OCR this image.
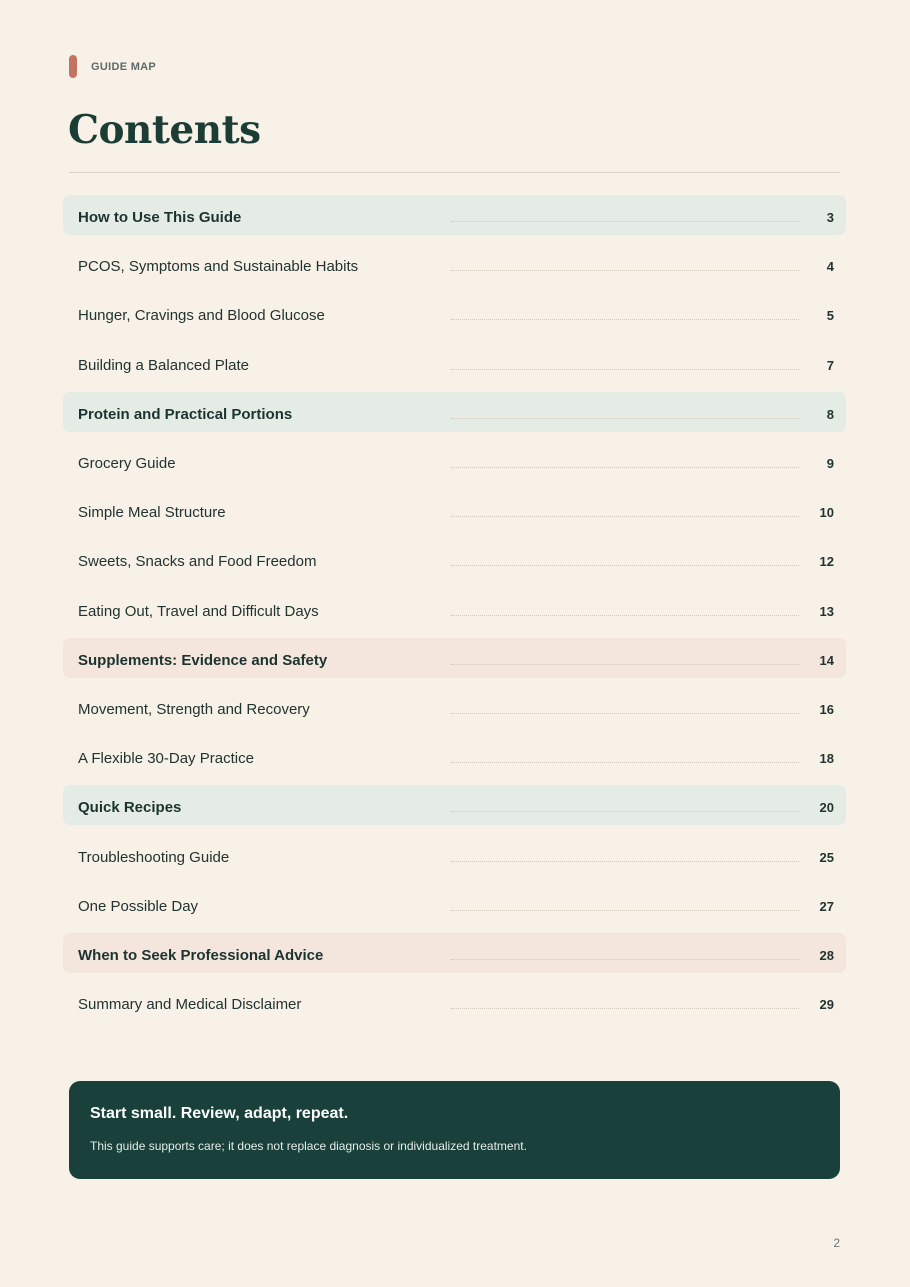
GUIDE MAP
Contents
How to Use This Guide	3
PCOS, Symptoms and Sustainable Habits	4
Hunger, Cravings and Blood Glucose	5
Building a Balanced Plate	7
Protein and Practical Portions	8
Grocery Guide	9
Simple Meal Structure	10
Sweets, Snacks and Food Freedom	12
Eating Out, Travel and Difficult Days	13
Supplements: Evidence and Safety	14
Movement, Strength and Recovery	16
A Flexible 30-Day Practice	18
Quick Recipes	20
Troubleshooting Guide	25
One Possible Day	27
When to Seek Professional Advice	28
Summary and Medical Disclaimer	29
Start small. Review, adapt, repeat.
This guide supports care; it does not replace diagnosis or individualized treatment.
2
